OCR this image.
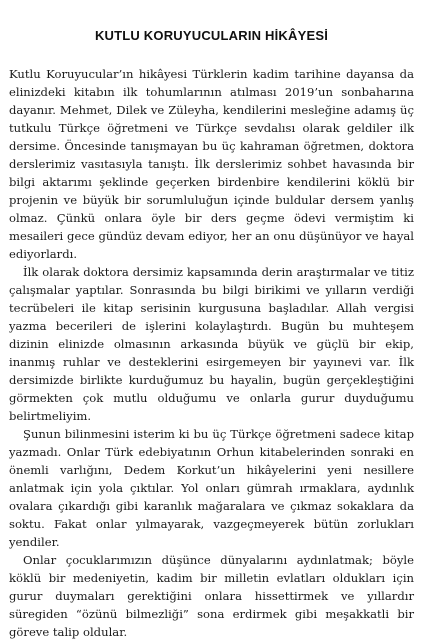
KUTLU KORUYUCULARIN HİKÂYESİ

Kutlu Koruyucular’ın hikâyesi Türklerin kadim tarihine dayansa da elinizdeki kitabın ilk tohumlarının atılması 2019’un sonbaharına dayanır. Mehmet, Dilek ve Züleyha, kendilerini mesleğine adamış üç tutkulu Türkçe öğretmeni ve Türkçe sevdalısı olarak geldiler ilk dersime. Öncesinde tanışmayan bu üç kahraman öğretmen, doktora derslerimiz vasıtasıyla tanıştı. İlk derslerimiz sohbet havasında bir bilgi aktarımı şeklinde geçerken birdenbire kendilerini köklü bir projenin ve büyük bir sorumluluğun içinde buldular dersem yanlış olmaz. Çünkü onlara öyle bir ders geçme ödevi vermiştim ki mesaileri gece gündüz devam ediyor, her an onu düşünüyor ve hayal ediyorlardı.

İlk olarak doktora dersimiz kapsamında derin araştırmalar ve titiz çalışmalar yaptılar. Sonrasında bu bilgi birikimi ve yılların verdiği tecrübeleri ile kitap serisinin kurgusuna başladılar. Allah vergisi yazma becerileri de işlerini kolaylaştırdı. Bugün bu muhteşem dizinin elinizde olmasının arkasında büyük ve güçlü bir ekip, inanmış ruhlar ve desteklerini esirgemeyen bir yayınevi var. İlk dersimizde birlikte kurduğumuz bu hayalin, bugün gerçekleştiğini görmekten çok mutlu olduğumu ve onlarla gurur duyduğumu belirtmeliyim.

Şunun bilinmesini isterim ki bu üç Türkçe öğretmeni sadece kitap yazmadı. Onlar Türk edebiyatının Orhun kitabelerinden sonraki en önemli varlığını, Dedem Korkut’un hikâyelerini yeni nesillere anlatmak için yola çıktılar. Yol onları gümrah ırmaklara, aydınlık ovalara çıkardığı gibi karanlık mağaralara ve çıkmaz sokaklara da soktu. Fakat onlar yılmayarak, vazgeçmeyerek bütün zorlukları yendiler.

Onlar çocuklarımızın düşünce dünyalarını aydınlatmak; böyle köklü bir medeniyetin, kadim bir milletin evlatları oldukları için gurur duymaları gerektiğini onlara hissettirmek ve yıllardır süregiden “özünü bilmezliği” sona erdirmek gibi meşakkatli bir göreve talip oldular.
